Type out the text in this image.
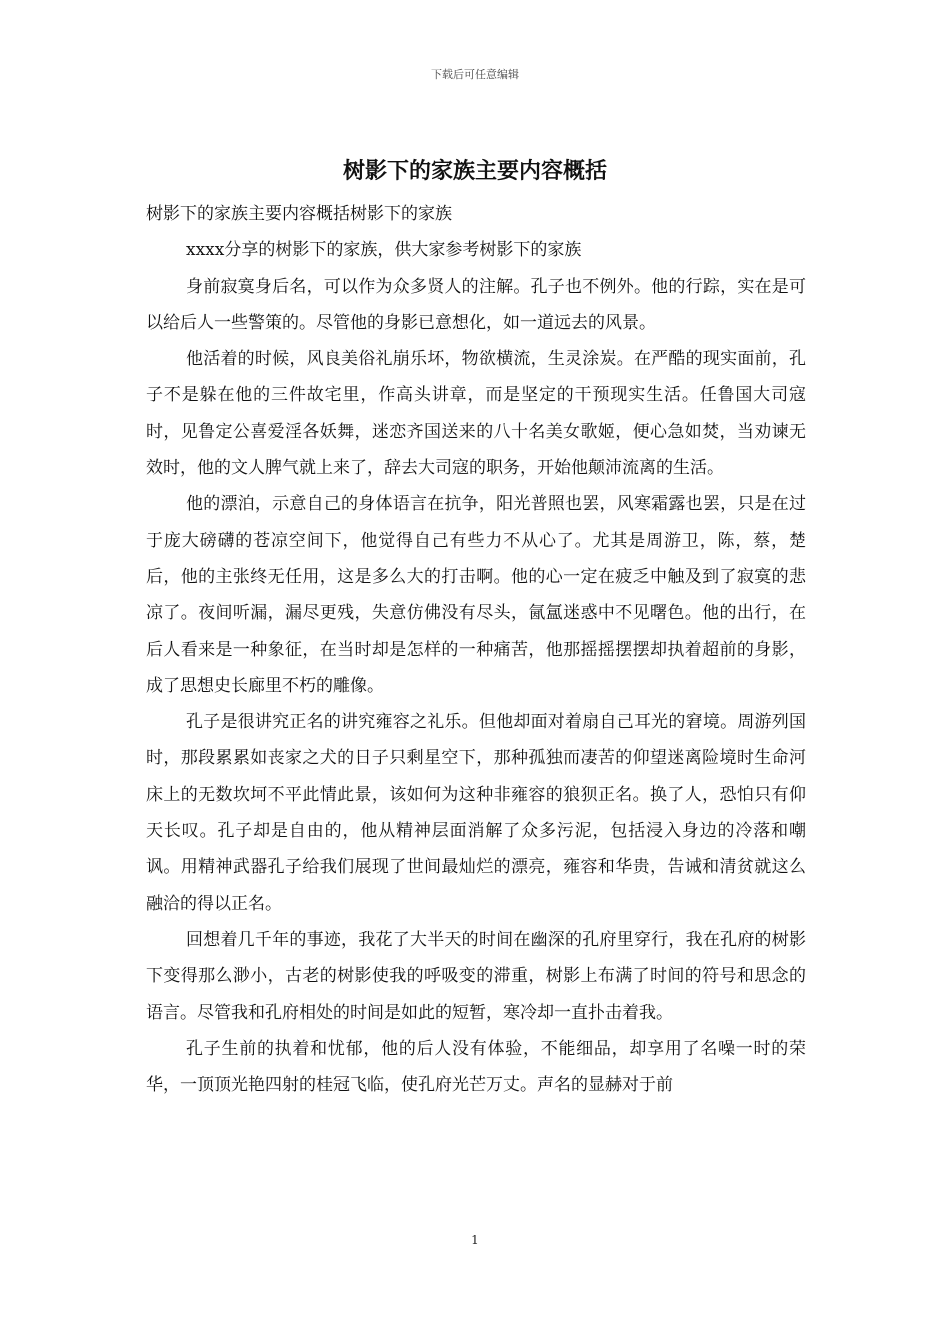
下载后可任意编辑
树影下的家族主要内容概括

树影下的家族主要内容概括树影下的家族

xxxx分享的树影下的家族，供大家参考树影下的家族

身前寂寞身后名，可以作为众多贤人的注解。孔子也不例外。他的行踪，实在是可以给后人一些警策的。尽管他的身影已意想化，如一道远去的风景。

他活着的时候，风良美俗礼崩乐坏，物欲横流，生灵涂炭。在严酷的现实面前，孔子不是躲在他的三件故宅里，作高头讲章，而是坚定的干预现实生活。任鲁国大司寇时，见鲁定公喜爱淫各妖舞，迷恋齐国送来的八十名美女歌姬，便心急如焚，当劝谏无效时，他的文人脾气就上来了，辞去大司寇的职务，开始他颠沛流离的生活。

他的漂泊，示意自己的身体语言在抗争，阳光普照也罢，风寒霜露也罢，只是在过于庞大磅礴的苍凉空间下，他觉得自己有些力不从心了。尤其是周游卫，陈，蔡，楚后，他的主张终无任用，这是多么大的打击啊。他的心一定在疲乏中触及到了寂寞的悲凉了。夜间听漏，漏尽更残，失意仿佛没有尽头，氤氲迷惑中不见曙色。他的出行，在后人看来是一种象征，在当时却是怎样的一种痛苦，他那摇摇摆摆却执着超前的身影，成了思想史长廊里不朽的雕像。

孔子是很讲究正名的讲究雍容之礼乐。但他却面对着扇自己耳光的窘境。周游列国时，那段累累如丧家之犬的日子只剩星空下，那种孤独而凄苦的仰望迷离险境时生命河床上的无数坎坷不平此情此景，该如何为这种非雍容的狼狈正名。换了人，恐怕只有仰天长叹。孔子却是自由的，他从精神层面消解了众多污泥，包括浸入身边的冷落和嘲讽。用精神武器孔子给我们展现了世间最灿烂的漂亮，雍容和华贵，告诫和清贫就这么融洽的得以正名。

回想着几千年的事迹，我花了大半天的时间在幽深的孔府里穿行，我在孔府的树影下变得那么渺小，古老的树影使我的呼吸变的滞重，树影上布满了时间的符号和思念的语言。尽管我和孔府相处的时间是如此的短暂，寒冷却一直扑击着我。

孔子生前的执着和忧郁，他的后人没有体验，不能细品，却享用了名噪一时的荣华，一顶顶光艳四射的桂冠飞临，使孔府光芒万丈。声名的显赫对于前

1
